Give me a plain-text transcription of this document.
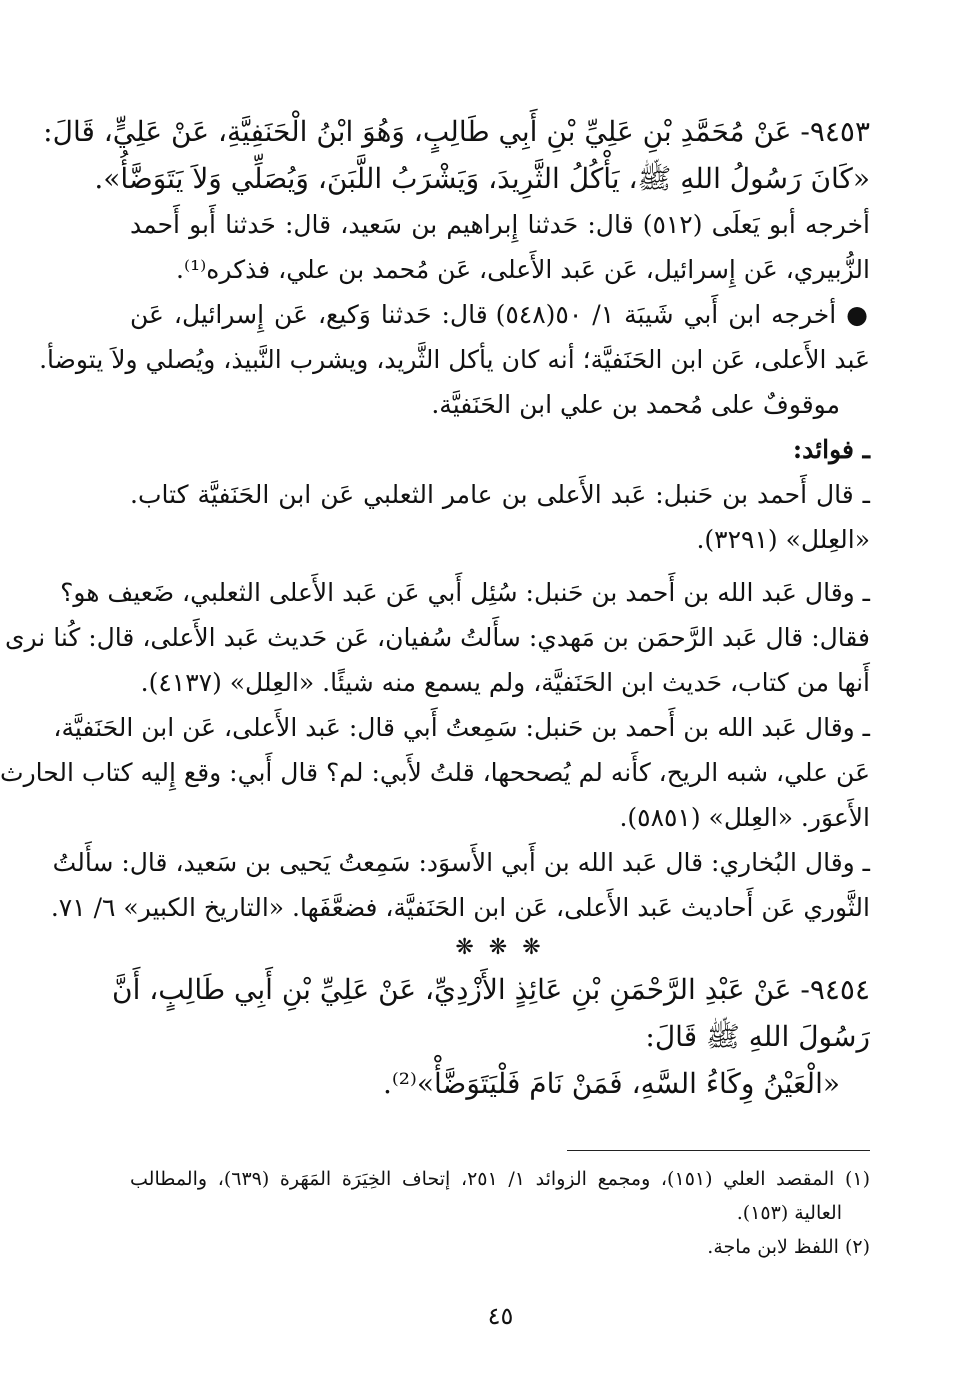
٩٤٥٣- عَنْ مُحَمَّدِ بْنِ عَلِيِّ بْنِ أَبِي طَالِبٍ، وَهُوَ ابْنُ الْحَنَفِيَّةِ، عَنْ عَلِيٍّ، قَالَ:
«كَانَ رَسُولُ اللهِ ﷺ، يَأْكُلُ الثَّرِيدَ، وَيَشْرَبُ اللَّبَنَ، وَيُصَلِّي وَلاَ يَتَوَضَّأُ».
أخرجه أبو يَعلَى (٥١٢) قال: حَدثنا إِبراهيم بن سَعيد، قال: حَدثنا أَبو أَحمد
الزُّبيري، عَن إِسرائيل، عَن عَبد الأَعلى، عَن مُحمد بن علي، فذكره⁽¹⁾.
● أخرجه ابن أَبي شَيبَة ١/ ٥٠(٥٤٨) قال: حَدثنا وَكيع، عَن إِسرائيل، عَن
عَبد الأَعلى، عَن ابن الحَنَفيَّة؛ أنه كان يأكل الثَّريد، ويشرب النَّبيذ، ويُصلي ولاَ يتوضأ.
موقوفٌ على مُحمد بن علي ابن الحَنَفيَّة.
ـ فوائد:
ـ قال أَحمد بن حَنبل: عَبد الأَعلى بن عامر الثعلبي عَن ابن الحَنَفيَّة كتاب.
«العِلل» (٣٢٩١).
ـ وقال عَبد الله بن أَحمد بن حَنبل: سُئِل أَبي عَن عَبد الأَعلى الثعلبي، ضَعيف هو؟
فقال: قال عَبد الرَّحمَن بن مَهدي: سأَلتُ سُفيان، عَن حَديث عَبد الأَعلى، قال: كُنا نرى
أَنها من كتاب، حَديث ابن الحَنَفيَّة، ولم يسمع منه شيئًا. «العِلل» (٤١٣٧).
ـ وقال عَبد الله بن أَحمد بن حَنبل: سَمِعتُ أَبي قال: عَبد الأَعلى، عَن ابن الحَنَفيَّة،
عَن علي، شبه الريح، كأَنه لم يُصححها، قلتُ لأَبي: لم؟ قال أَبي: وقع إِليه كتاب الحارث
الأَعوَر. «العِلل» (٥٨٥١).
ـ وقال البُخاري: قال عَبد الله بن أَبي الأَسوَد: سَمِعتُ يَحيى بن سَعيد، قال: سأَلتُ
الثَّوري عَن أَحاديث عَبد الأَعلى، عَن ابن الحَنَفيَّة، فضعَّفَها. «التاريخ الكبير» ٦/ ٧١.
❋ ❋ ❋
٩٤٥٤- عَنْ عَبْدِ الرَّحْمَنِ بْنِ عَائِذٍ الأَزْدِيِّ، عَنْ عَلِيِّ بْنِ أَبِي طَالِبٍ، أَنَّ
رَسُولَ اللهِ ﷺ قَالَ:
«الْعَيْنُ وِكَاءُ السَّهِ، فَمَنْ نَامَ فَلْيَتَوَضَّأْ»⁽²⁾.
(١) المقصد العلي (١٥١)، ومجمع الزوائد ١/ ٢٥١، إتحاف الخِيَرَة المَهَرة (٦٣٩)، والمطالب
العالية (١٥٣).
(٢) اللفظ لابن ماجة.
٤٥
